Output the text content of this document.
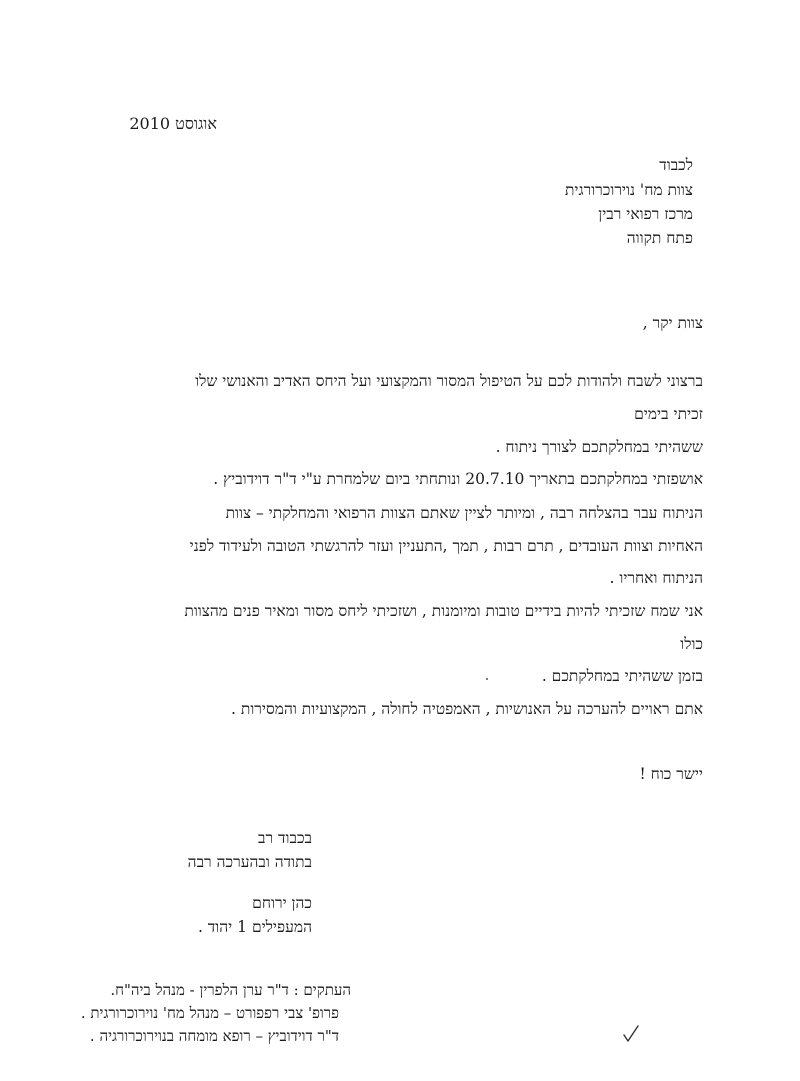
אוגוסט 2010
לכבוד
צוות מח' נוירוכרורגית
מרכז רפואי רבין
פתח תקווה
צוות יקר ,
ברצוני לשבח ולהודות לכם על הטיפול המסור והמקצועי ועל היחס האדיב והאנושי שלו
זכיתי בימים
ששהיתי במחלקתכם לצורך ניתוח .
אושפזתי במחלקתכם בתאריך 20.7.10 ונותחתי ביום שלמחרת ע"י ד"ר דוידוביץ .
הניתוח עבר בהצלחה רבה , ומיותר לציין שאתם הצוות הרפואי והמחלקתי – צוות
האחיות וצוות העובדים , תרם רבות , תמך ,התעניין ועזר להרגשתי הטובה ולעידוד לפני
הניתוח ואחריו .
אני שמח שזכיתי להיות בידיים טובות ומיומנות , ושזכיתי ליחס מסור ומאיר פנים מהצוות
כולו
בזמן ששהיתי במחלקתכם .
אתם ראויים להערכה על האנושיות , האמפטיה לחולה , המקצועיות והמסירות .
יישר כוח !
בכבוד רב
בתודה ובהערכה רבה
כהן ירוחם
המעפילים 1 יהוד .
העתקים : ד"ר ערן הלפרין - מנהל ביה"ח.
פרופ' צבי רפפורט – מנהל מח' נוירוכרורגית .
ד"ר דוידוביץ – רופא מומחה בנוירוכרורגיה .
